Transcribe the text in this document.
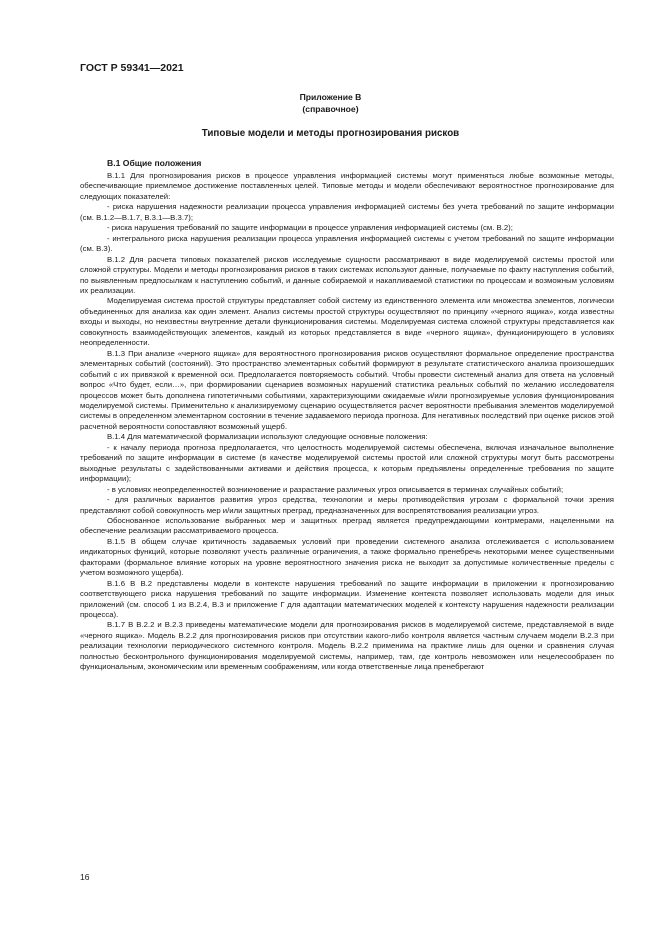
ГОСТ Р 59341—2021
Приложение В
(справочное)
Типовые модели и методы прогнозирования рисков
В.1 Общие положения

В.1.1 Для прогнозирования рисков в процессе управления информацией системы могут применяться любые возможные методы, обеспечивающие приемлемое достижение поставленных целей. Типовые методы и модели обеспечивают вероятностное прогнозирование для следующих показателей:

- риска нарушения надежности реализации процесса управления информацией системы без учета требований по защите информации (см. В.1.2—В.1.7, В.3.1—В.3.7);

- риска нарушения требований по защите информации в процессе управления информацией системы (см. В.2);

- интегрального риска нарушения реализации процесса управления информацией системы с учетом требований по защите информации (см. В.3).

В.1.2 Для расчета типовых показателей рисков исследуемые сущности рассматривают в виде моделируемой системы простой или сложной структуры. Модели и методы прогнозирования рисков в таких системах используют данные, получаемые по факту наступления событий, по выявленным предпосылкам к наступлению событий, и данные собираемой и накапливаемой статистики по процессам и возможным условиям их реализации.

Моделируемая система простой структуры представляет собой систему из единственного элемента или множества элементов, логически объединенных для анализа как один элемент. Анализ системы простой структуры осуществляют по принципу «черного ящика», когда известны входы и выходы, но неизвестны внутренние детали функционирования системы. Моделируемая система сложной структуры представляется как совокупность взаимодействующих элементов, каждый из которых представляется в виде «черного ящика», функционирующего в условиях неопределенности.

В.1.3 При анализе «черного ящика» для вероятностного прогнозирования рисков осуществляют формальное определение пространства элементарных событий (состояний). Это пространство элементарных событий формируют в результате статистического анализа произошедших событий с их привязкой к временной оси. Предполагается повторяемость событий. Чтобы провести системный анализ для ответа на условный вопрос «Что будет, если…», при формировании сценариев возможных нарушений статистика реальных событий по желанию исследователя процессов может быть дополнена гипотетичными событиями, характеризующими ожидаемые и/или прогнозируемые условия функционирования моделируемой системы. Применительно к анализируемому сценарию осуществляется расчет вероятности пребывания элементов моделируемой системы в определенном элементарном состоянии в течение задаваемого периода прогноза. Для негативных последствий при оценке рисков этой расчетной вероятности сопоставляют возможный ущерб.

В.1.4 Для математической формализации используют следующие основные положения:

- к началу периода прогноза предполагается, что целостность моделируемой системы обеспечена, включая изначальное выполнение требований по защите информации в системе (в качестве моделируемой системы простой или сложной структуры могут быть рассмотрены выходные результаты с задействованными активами и действия процесса, к которым предъявлены определенные требования по защите информации);

- в условиях неопределенностей возникновение и разрастание различных угроз описывается в терминах случайных событий;

- для различных вариантов развития угроз средства, технологии и меры противодействия угрозам с формальной точки зрения представляют собой совокупность мер и/или защитных преград, предназначенных для воспрепятствования реализации угроз.

Обоснованное использование выбранных мер и защитных преград является предупреждающими контрмерами, нацеленными на обеспечение реализации рассматриваемого процесса.

В.1.5 В общем случае критичность задаваемых условий при проведении системного анализа отслеживается с использованием индикаторных функций, которые позволяют учесть различные ограничения, а также формально пренебречь некоторыми менее существенными факторами (формальное влияние которых на уровне вероятностного значения риска не выходит за допустимые количественные пределы с учетом возможного ущерба).

В.1.6 В В.2 представлены модели в контексте нарушения требований по защите информации в приложении к прогнозированию соответствующего риска нарушения требований по защите информации. Изменение контекста позволяет использовать модели для иных приложений (см. способ 1 из В.2.4, В.3 и приложение Г для адаптации математических моделей к контексту нарушения надежности реализации процесса).

В.1.7 В В.2.2 и В.2.3 приведены математические модели для прогнозирования рисков в моделируемой системе, представляемой в виде «черного ящика». Модель В.2.2 для прогнозирования рисков при отсутствии какого-либо контроля является частным случаем модели В.2.3 при реализации технологии периодического системного контроля. Модель В.2.2 применима на практике лишь для оценки и сравнения случая полностью бесконтрольного функционирования моделируемой системы, например, там, где контроль невозможен или нецелесообразен по функциональным, экономическим или временным соображениям, или когда ответственные лица пренебрегают

16
